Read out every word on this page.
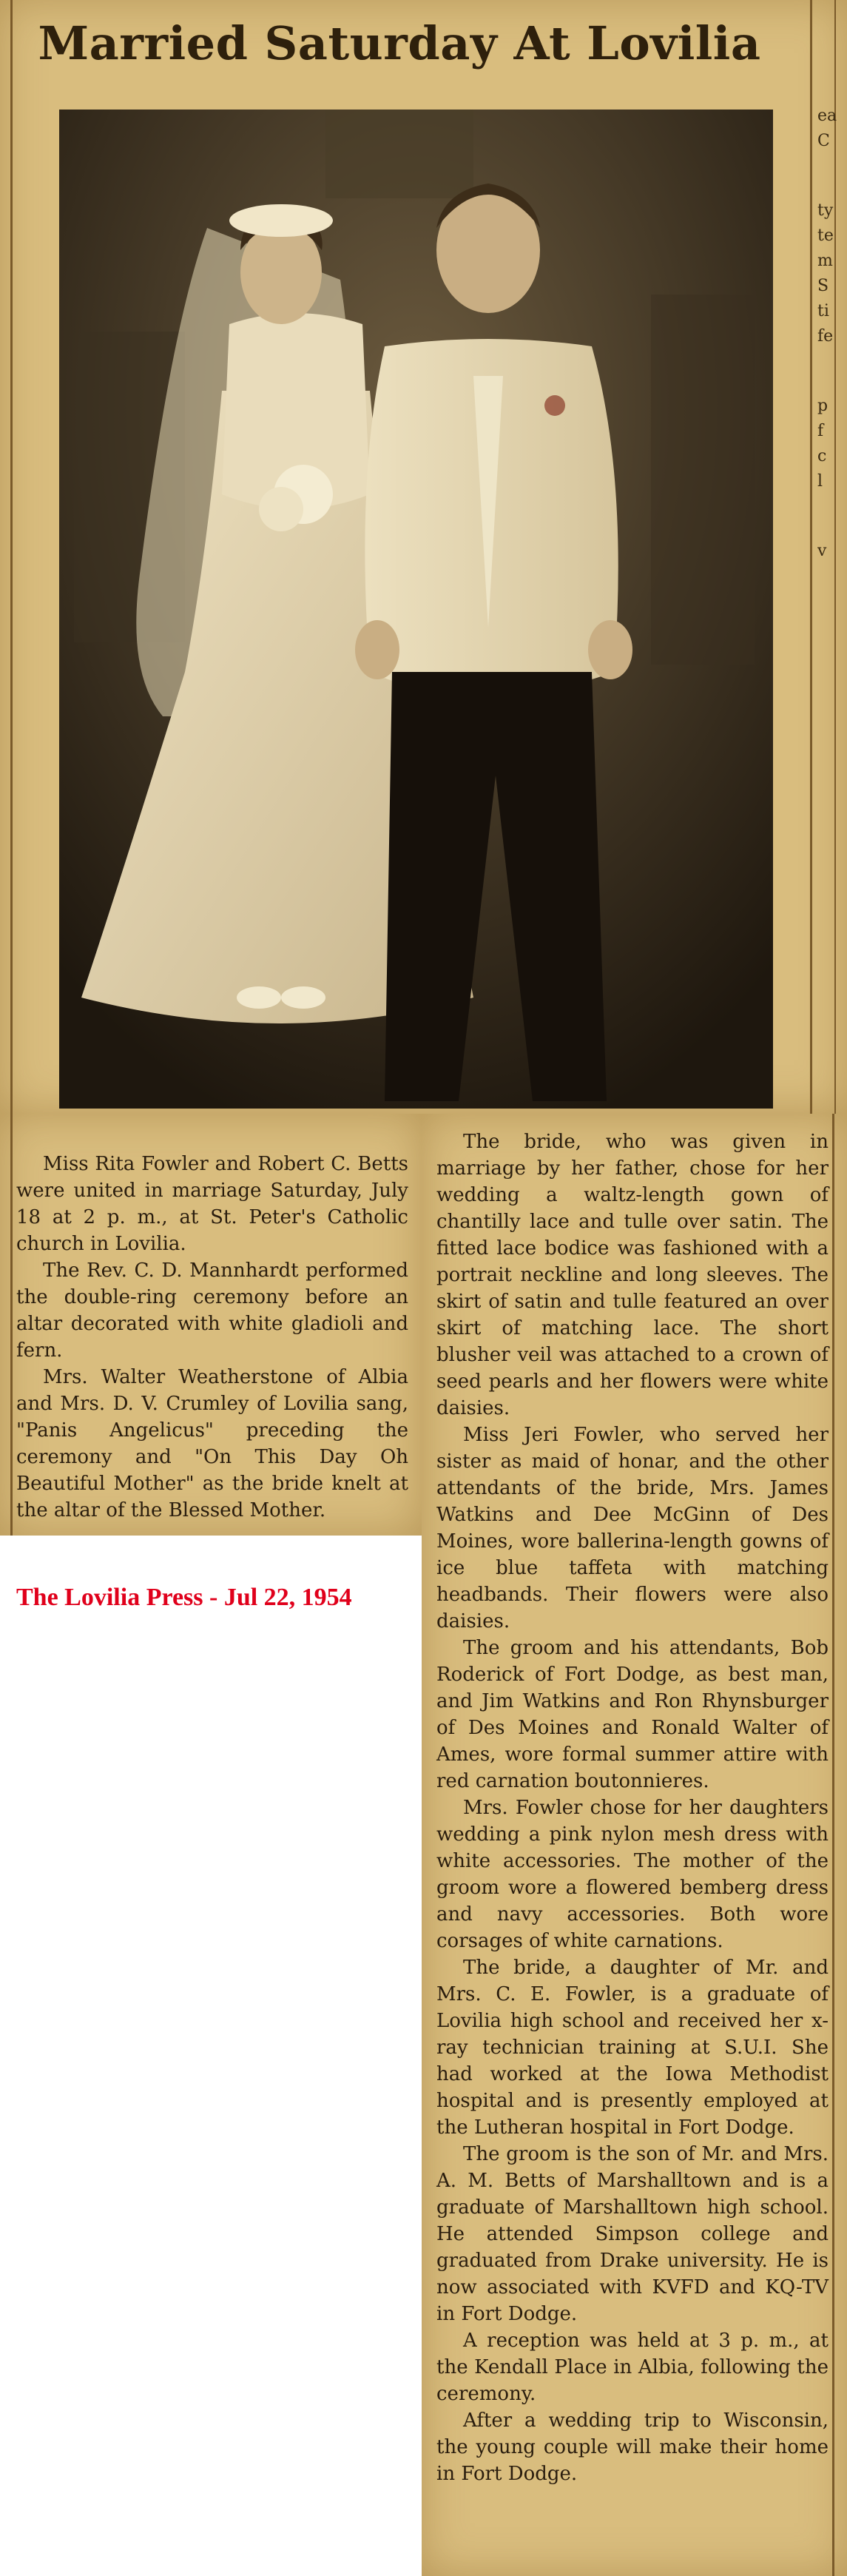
Married Saturday At Lovilia
ea
C
ty
te
m
S
ti
fe
p
f
c
l
v

Miss Rita Fowler and Robert C. Betts were united in marriage Saturday, July 18 at 2 p. m., at St. Peter's Catholic church in Lovilia.

The Rev. C. D. Mannhardt performed the double-ring ceremony before an altar decorated with white gladioli and fern.

Mrs. Walter Weatherstone of Albia and Mrs. D. V. Crumley of Lovilia sang, "Panis Angelicus" preceding the ceremony and "On This Day Oh Beautiful Mother" as the bride knelt at the altar of the Blessed Mother.

The Lovilia Press - Jul 22, 1954

The bride, who was given in marriage by her father, chose for her wedding a waltz-length gown of chantilly lace and tulle over satin. The fitted lace bodice was fashioned with a portrait neckline and long sleeves. The skirt of satin and tulle featured an over skirt of matching lace. The short blusher veil was attached to a crown of seed pearls and her flowers were white daisies.

Miss Jeri Fowler, who served her sister as maid of honar, and the other attendants of the bride, Mrs. James Watkins and Dee McGinn of Des Moines, wore ballerina-length gowns of ice blue taffeta with matching headbands. Their flowers were also daisies.

The groom and his attendants, Bob Roderick of Fort Dodge, as best man, and Jim Watkins and Ron Rhynsburger of Des Moines and Ronald Walter of Ames, wore formal summer attire with red carnation boutonnieres.

Mrs. Fowler chose for her daughters wedding a pink nylon mesh dress with white accessories. The mother of the groom wore a flowered bemberg dress and navy accessories. Both wore corsages of white carnations.

The bride, a daughter of Mr. and Mrs. C. E. Fowler, is a graduate of Lovilia high school and received her x-ray technician training at S.U.I. She had worked at the Iowa Methodist hospital and is presently employed at the Lutheran hospital in Fort Dodge.

The groom is the son of Mr. and Mrs. A. M. Betts of Marshalltown and is a graduate of Marshalltown high school. He attended Simpson college and graduated from Drake university. He is now associated with KVFD and KQ-TV in Fort Dodge.

A reception was held at 3 p. m., at the Kendall Place in Albia, following the ceremony.

After a wedding trip to Wisconsin, the young couple will make their home in Fort Dodge.
